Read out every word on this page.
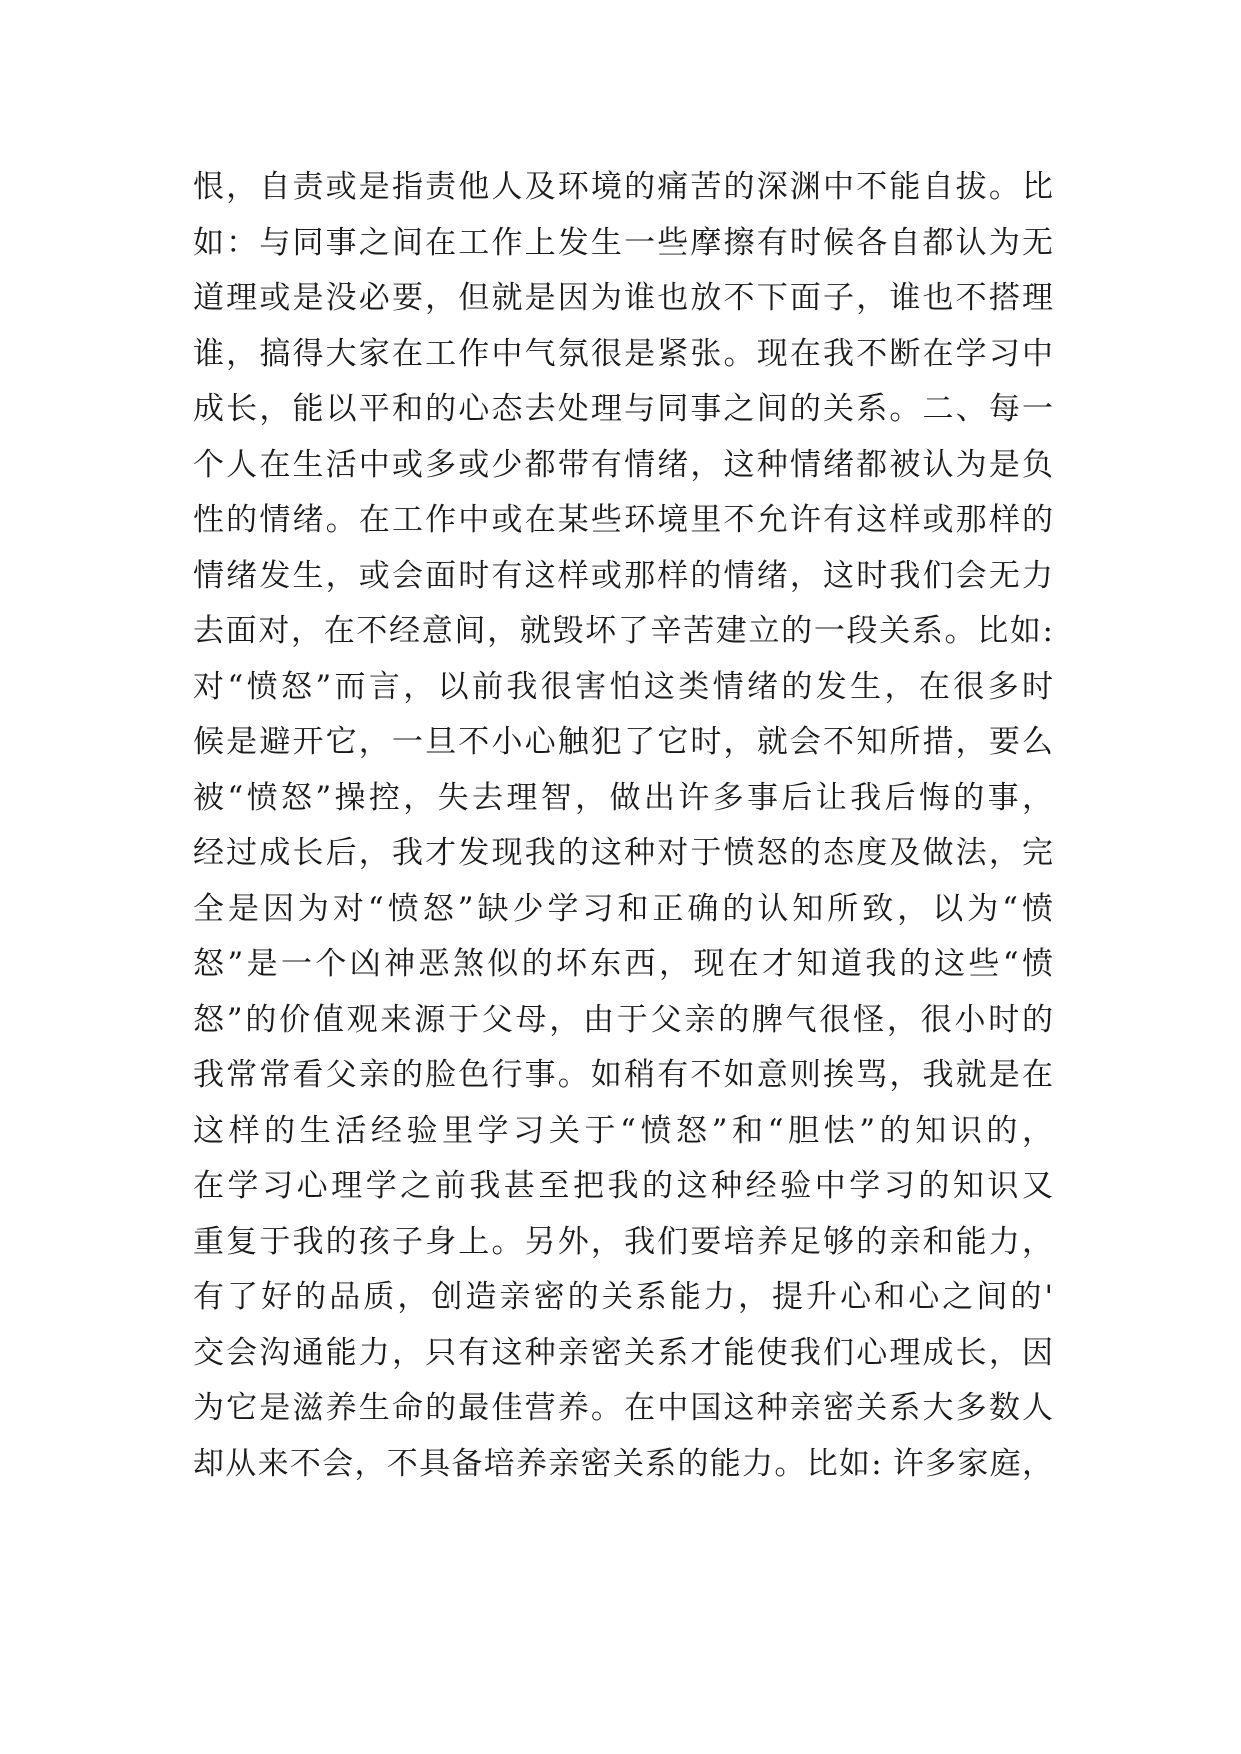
恨，自责或是指责他人及环境的痛苦的深渊中不能自拔。比
如：与同事之间在工作上发生一些摩擦有时候各自都认为无
道理或是没必要，但就是因为谁也放不下面子，谁也不搭理
谁，搞得大家在工作中气氛很是紧张。现在我不断在学习中
成长，能以平和的心态去处理与同事之间的关系。二、每一
个人在生活中或多或少都带有情绪，这种情绪都被认为是负
性的情绪。在工作中或在某些环境里不允许有这样或那样的
情绪发生，或会面时有这样或那样的情绪，这时我们会无力
去面对，在不经意间，就毁坏了辛苦建立的一段关系。比如:
对“愤怒”而言，以前我很害怕这类情绪的发生，在很多时
候是避开它，一旦不小心触犯了它时，就会不知所措，要么
被“愤怒”操控，失去理智，做出许多事后让我后悔的事，
经过成长后，我才发现我的这种对于愤怒的态度及做法，完
全是因为对“愤怒”缺少学习和正确的认知所致，以为“愤
怒”是一个凶神恶煞似的坏东西，现在才知道我的这些“愤
怒”的价值观来源于父母，由于父亲的脾气很怪，很小时的
我常常看父亲的脸色行事。如稍有不如意则挨骂，我就是在
这样的生活经验里学习关于“愤怒”和“胆怯”的知识的，
在学习心理学之前我甚至把我的这种经验中学习的知识又
重复于我的孩子身上。另外，我们要培养足够的亲和能力，
有了好的品质，创造亲密的关系能力，提升心和心之间的'
交会沟通能力，只有这种亲密关系才能使我们心理成长，因
为它是滋养生命的最佳营养。在中国这种亲密关系大多数人
却从来不会，不具备培养亲密关系的能力。比如: 许多家庭，
